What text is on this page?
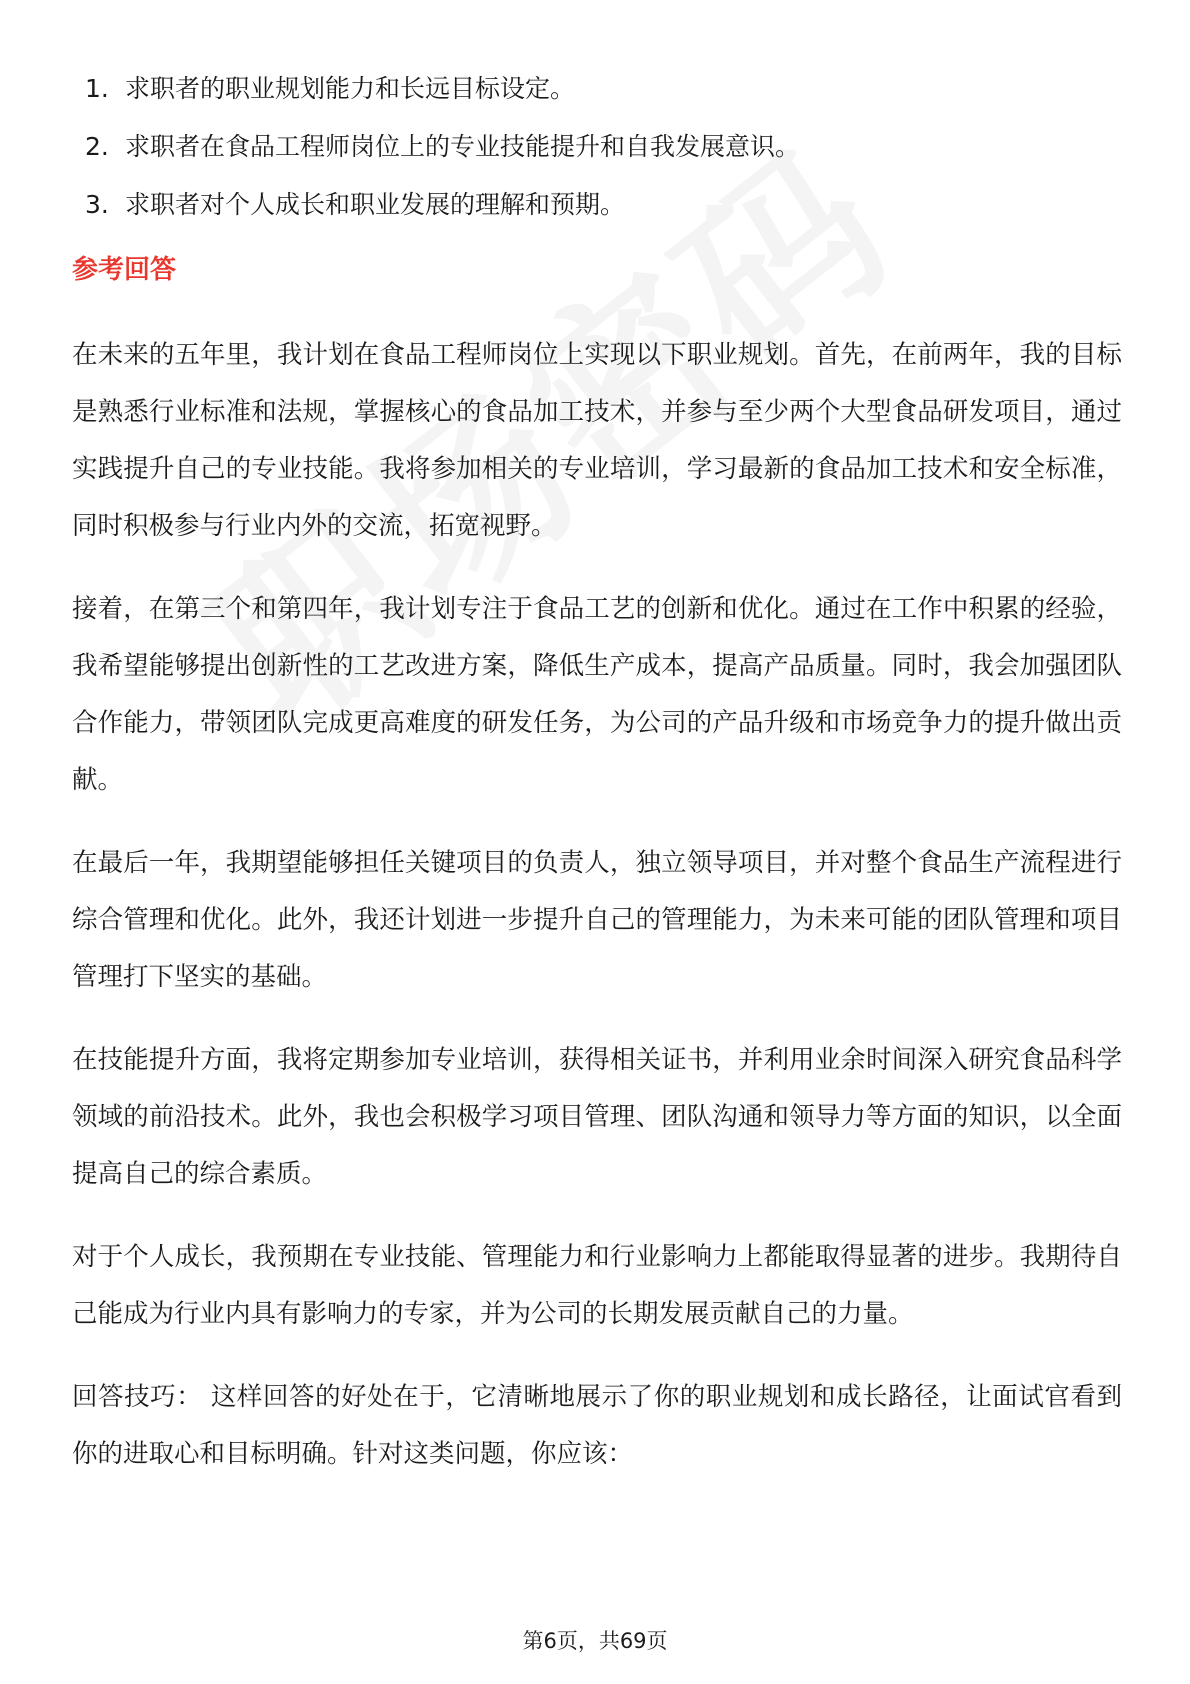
1. 求职者的职业规划能力和长远目标设定。
2. 求职者在食品工程师岗位上的专业技能提升和自我发展意识。
3. 求职者对个人成长和职业发展的理解和预期。
参考回答

在未来的五年里，我计划在食品工程师岗位上实现以下职业规划。首先，在前两年，我的目标是熟悉行业标准和法规，掌握核心的食品加工技术，并参与至少两个大型食品研发项目，通过实践提升自己的专业技能。我将参加相关的专业培训，学习最新的食品加工技术和安全标准，同时积极参与行业内外的交流，拓宽视野。

接着，在第三个和第四年，我计划专注于食品工艺的创新和优化。通过在工作中积累的经验，我希望能够提出创新性的工艺改进方案，降低生产成本，提高产品质量。同时，我会加强团队合作能力，带领团队完成更高难度的研发任务，为公司的产品升级和市场竞争力的提升做出贡献。

在最后一年，我期望能够担任关键项目的负责人，独立领导项目，并对整个食品生产流程进行综合管理和优化。此外，我还计划进一步提升自己的管理能力，为未来可能的团队管理和项目管理打下坚实的基础。

在技能提升方面，我将定期参加专业培训，获得相关证书，并利用业余时间深入研究食品科学领域的前沿技术。此外，我也会积极学习项目管理、团队沟通和领导力等方面的知识，以全面提高自己的综合素质。

对于个人成长，我预期在专业技能、管理能力和行业影响力上都能取得显著的进步。我期待自己能成为行业内具有影响力的专家，并为公司的长期发展贡献自己的力量。

回答技巧： 这样回答的好处在于，它清晰地展示了你的职业规划和成长路径，让面试官看到你的进取心和目标明确。针对这类问题，你应该：

第6页，共69页
